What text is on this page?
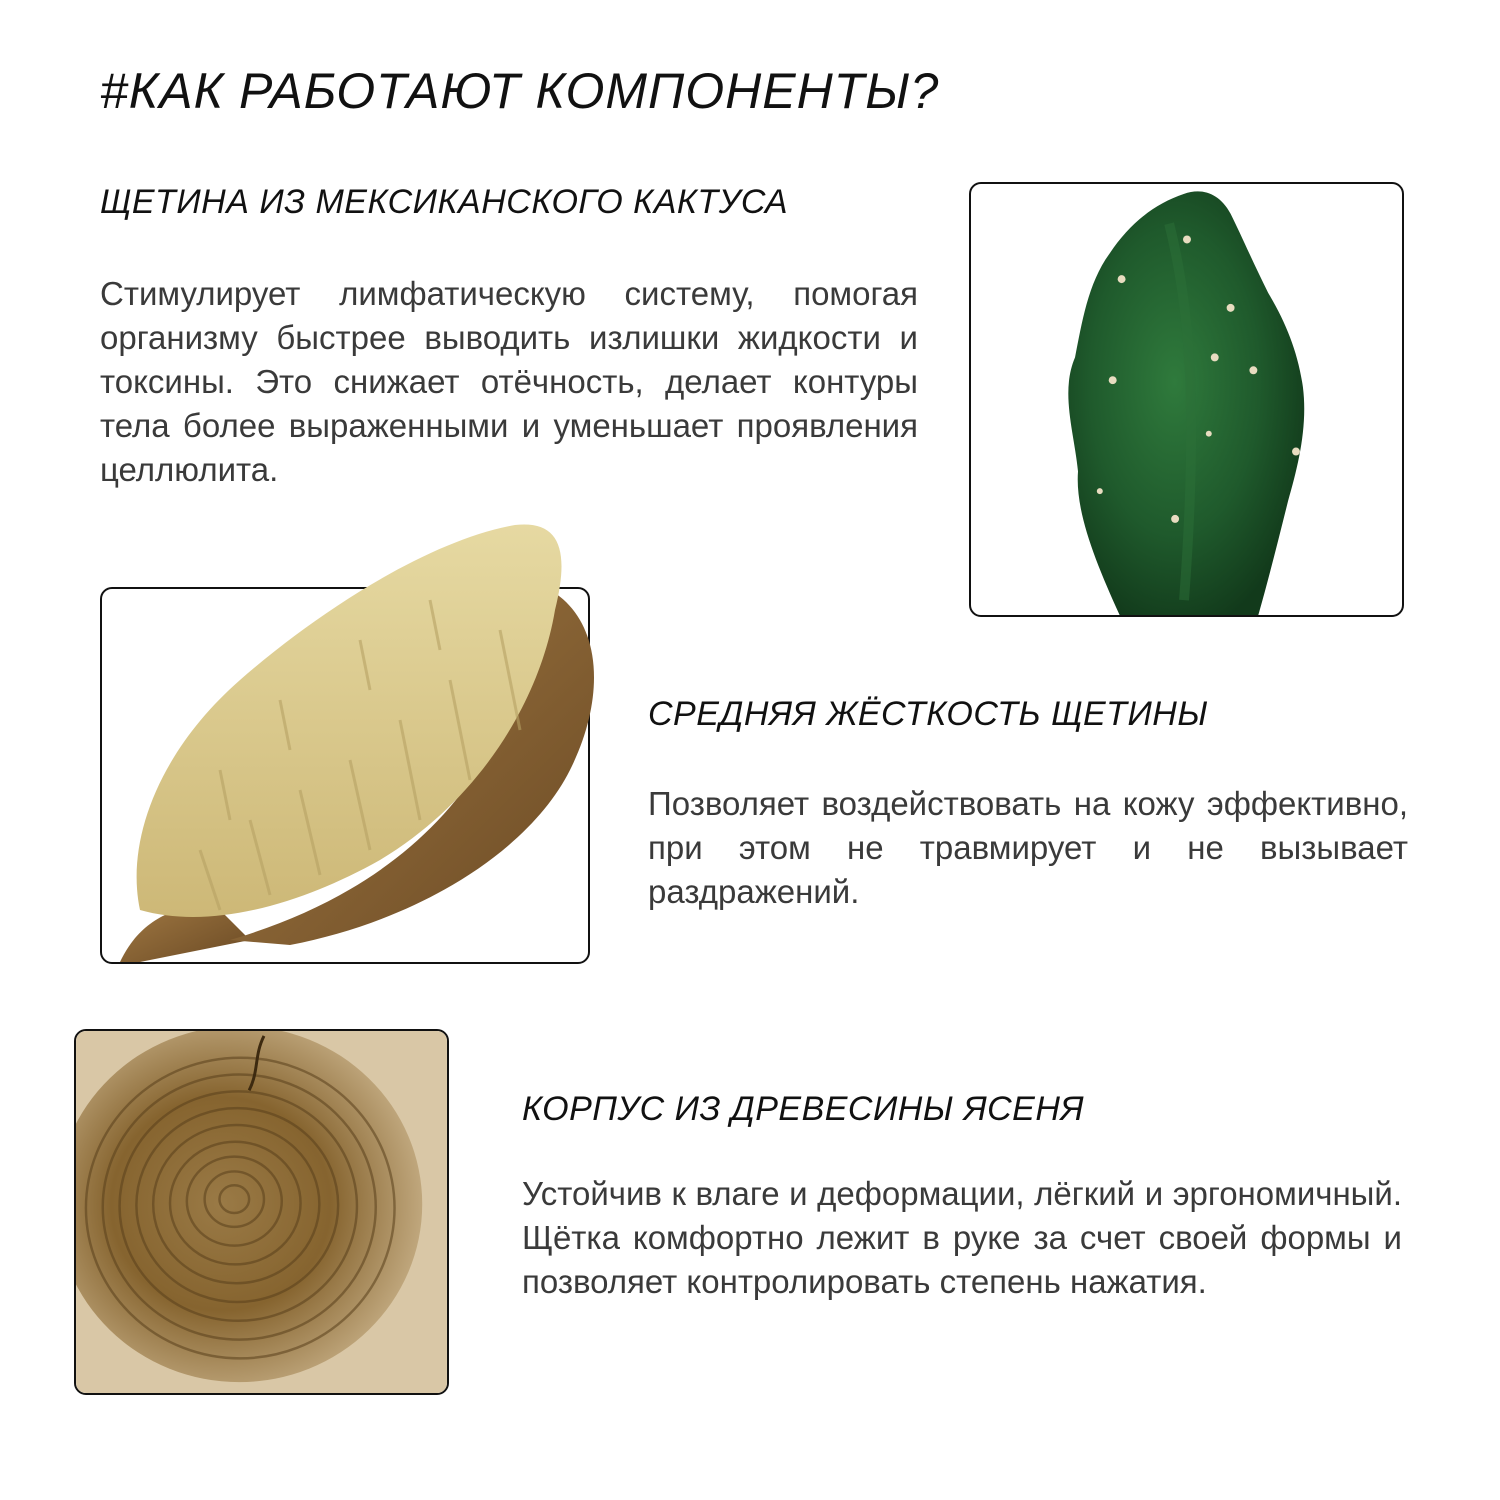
#КАК РАБОТАЮТ КОМПОНЕНТЫ?
ЩЕТИНА ИЗ МЕКСИКАНСКОГО КАКТУСА

Стимулирует лимфатическую систему, помогая организму быстрее выводить излишки жидкости и токсины. Это снижает отёчность, делает контуры тела более выраженными и уменьшает проявления целлюлита.

СРЕДНЯЯ ЖЁСТКОСТЬ ЩЕТИНЫ

Позволяет воздействовать на кожу эффективно, при этом не травмирует и не вызывает раздражений.

КОРПУС ИЗ ДРЕВЕСИНЫ ЯСЕНЯ

Устойчив к влаге и деформации, лёгкий и эргономичный. Щётка комфортно лежит в руке за счет своей формы и позволяет контролировать степень нажатия.
